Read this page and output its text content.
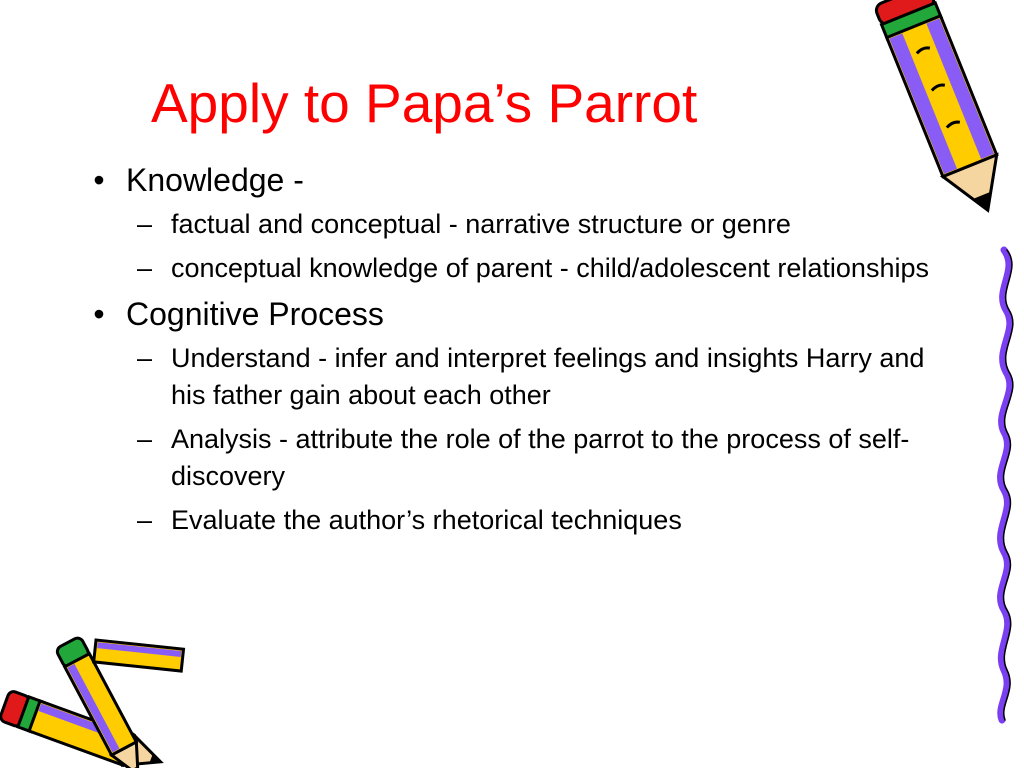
Apply to Papa’s Parrot
• Knowledge -
– factual and conceptual - narrative structure or genre
– conceptual knowledge of parent - child/adolescent relationships
• Cognitive Process
– Understand - infer and interpret feelings and insights Harry and his father gain about each other
– Analysis - attribute the role of the parrot to the process of self-discovery
– Evaluate the author’s rhetorical techniques
